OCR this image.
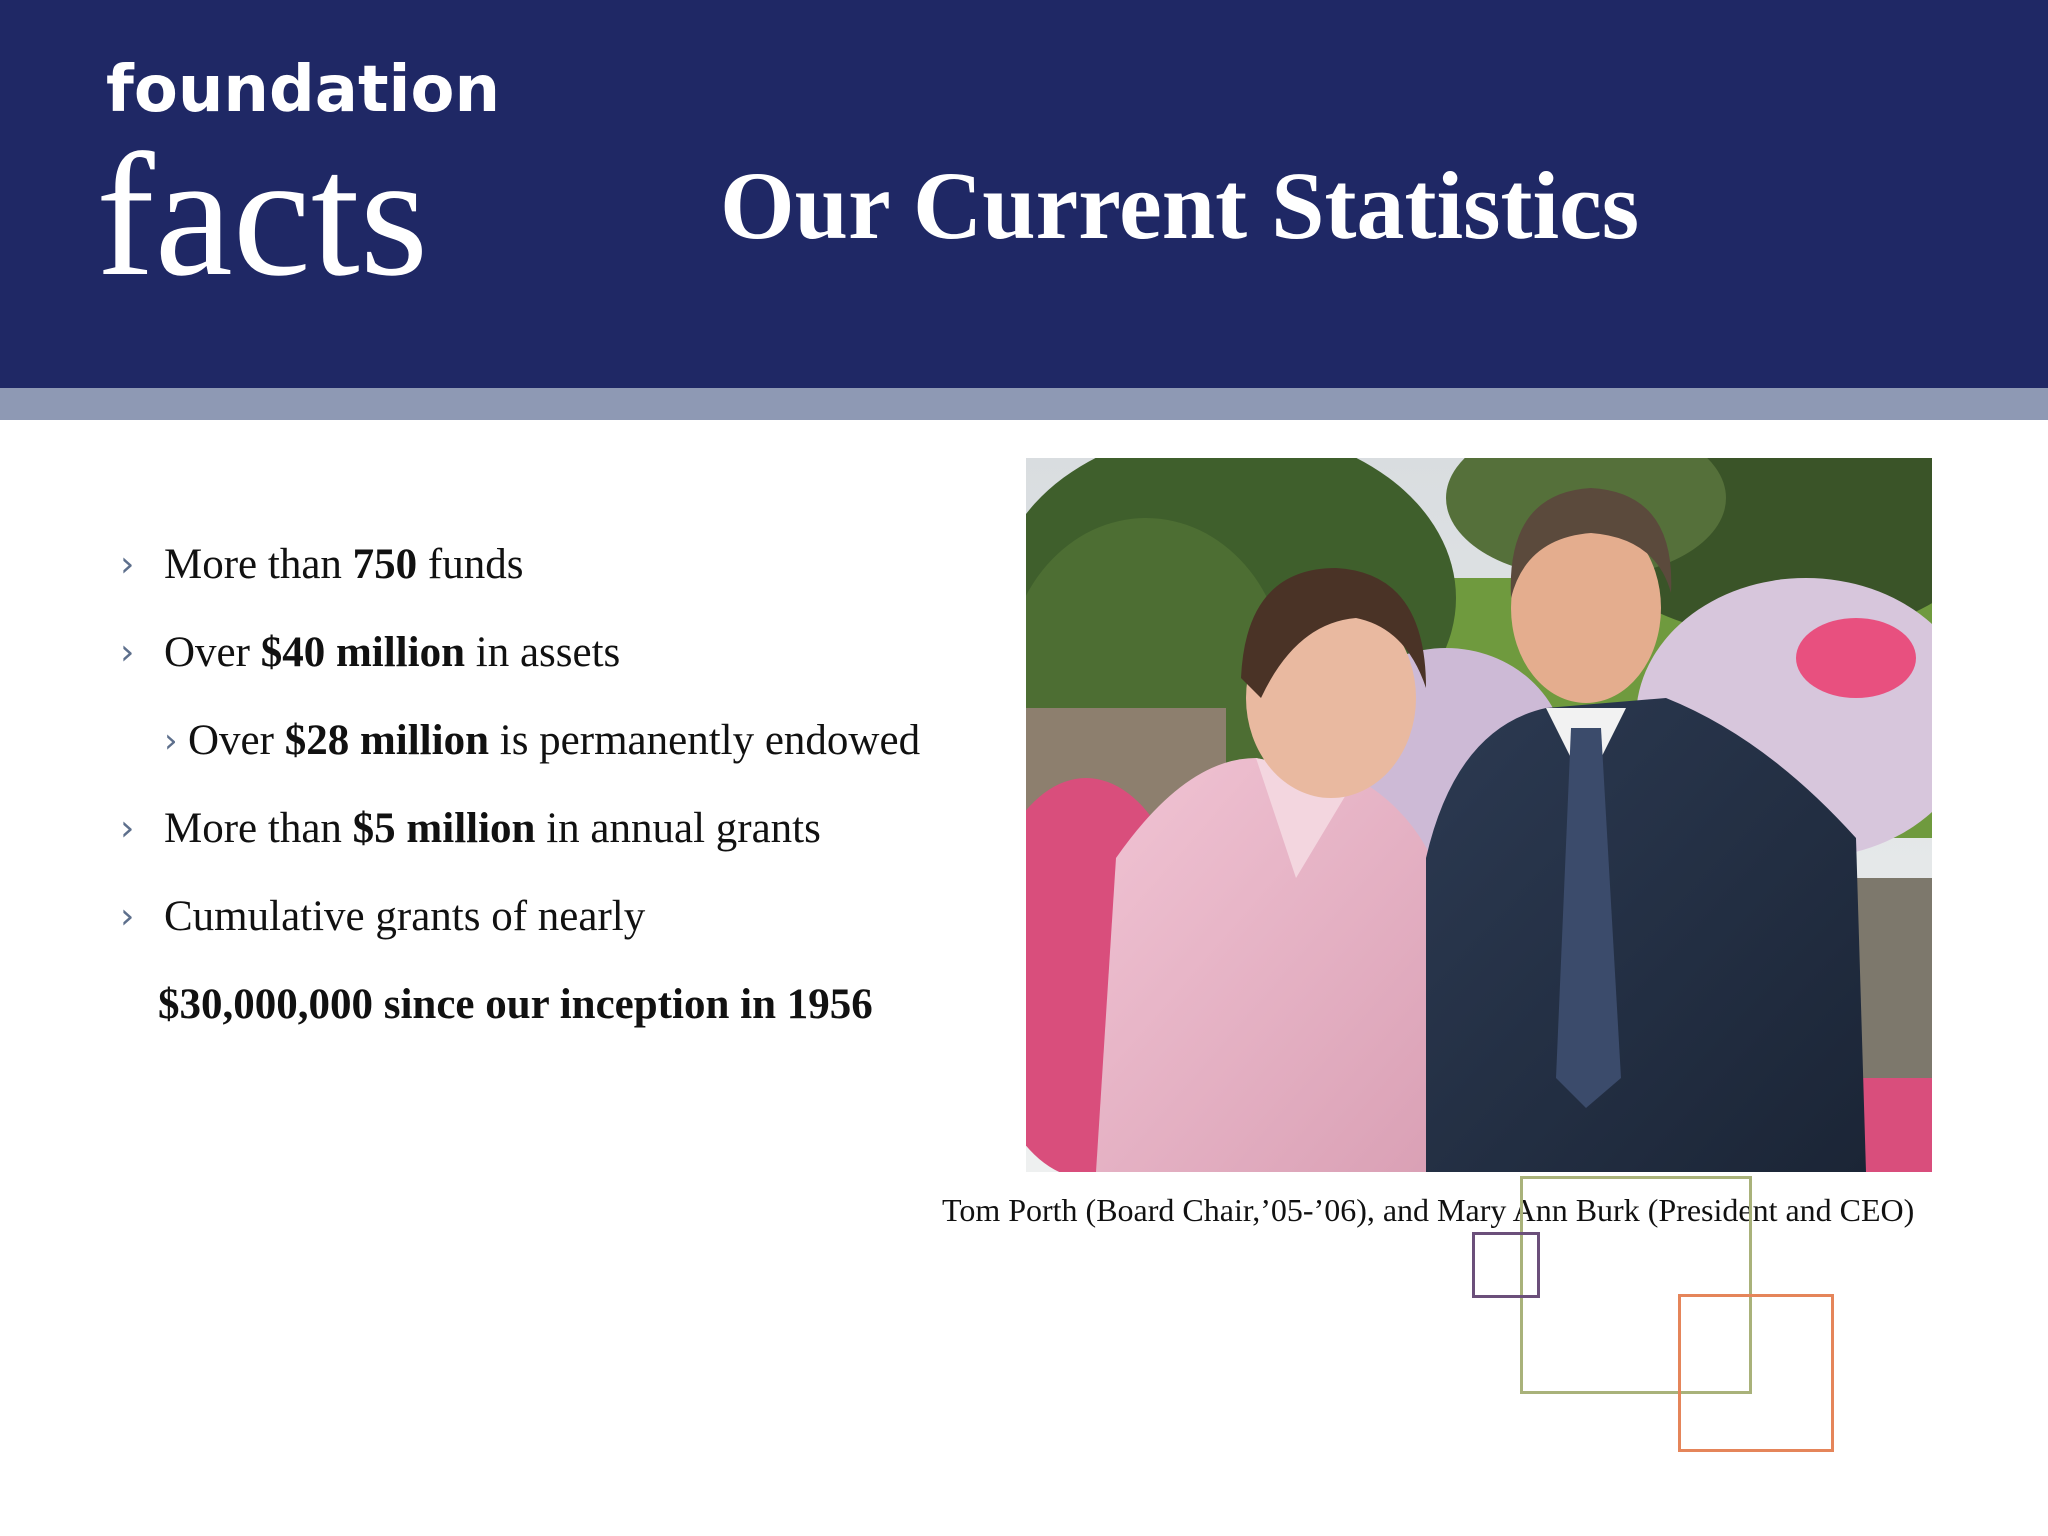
foundation
facts	Our Current Statistics
› More than 750 funds
› Over $40 million in assets
› Over $28 million is permanently endowed
› More than $5 million in annual grants
› Cumulative grants of nearly
$30,000,000 since our inception in 1956
Tom Porth (Board Chair,’05-’06), and Mary Ann Burk (President and CEO)
